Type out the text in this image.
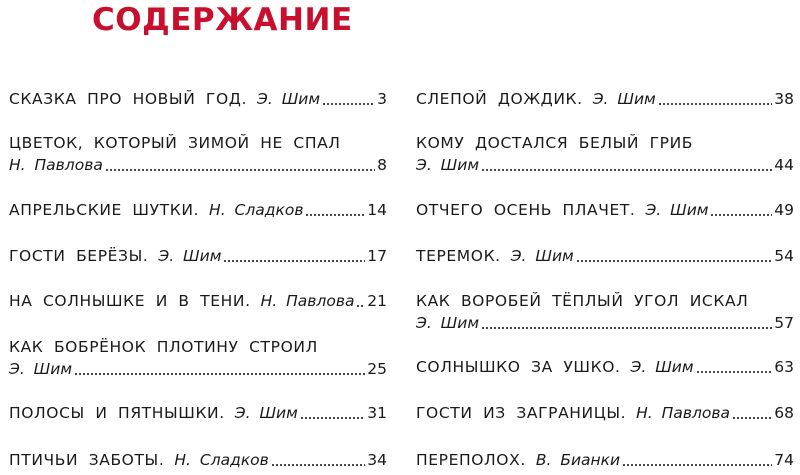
СОДЕРЖАНИЕ
СКАЗКА ПРО НОВЫЙ ГОД. Э. Шим	3
ЦВЕТОК, КОТОРЫЙ ЗИМОЙ НЕ СПАЛ
Н. Павлова	8
АПРЕЛЬСКИЕ ШУТКИ. Н. Сладков	14
ГОСТИ БЕРЁЗЫ. Э. Шим	17
НА СОЛНЫШКЕ И В ТЕНИ. Н. Павлова 21
КАК БОБРЁНОК ПЛОТИНУ СТРОИЛ
Э. Шим	25
ПОЛОСЫ И ПЯТНЫШКИ. Э. Шим	31
ПТИЧЬИ ЗАБОТЫ. Н. Сладков	34
СЛЕПОЙ ДОЖДИК. Э. Шим	38
КОМУ ДОСТАЛСЯ БЕЛЫЙ ГРИБ
Э. Шим	44
ОТЧЕГО ОСЕНЬ ПЛАЧЕТ. Э. Шим	49
ТЕРЕМОК. Э. Шим	54
КАК ВОРОБЕЙ ТЁПЛЫЙ УГОЛ ИСКАЛ
Э. Шим	57
СОЛНЫШКО ЗА УШКО. Э. Шим	63
ГОСТИ ИЗ ЗАГРАНИЦЫ. Н. Павлова	68
ПЕРЕПОЛОХ. В. Бианки	74
